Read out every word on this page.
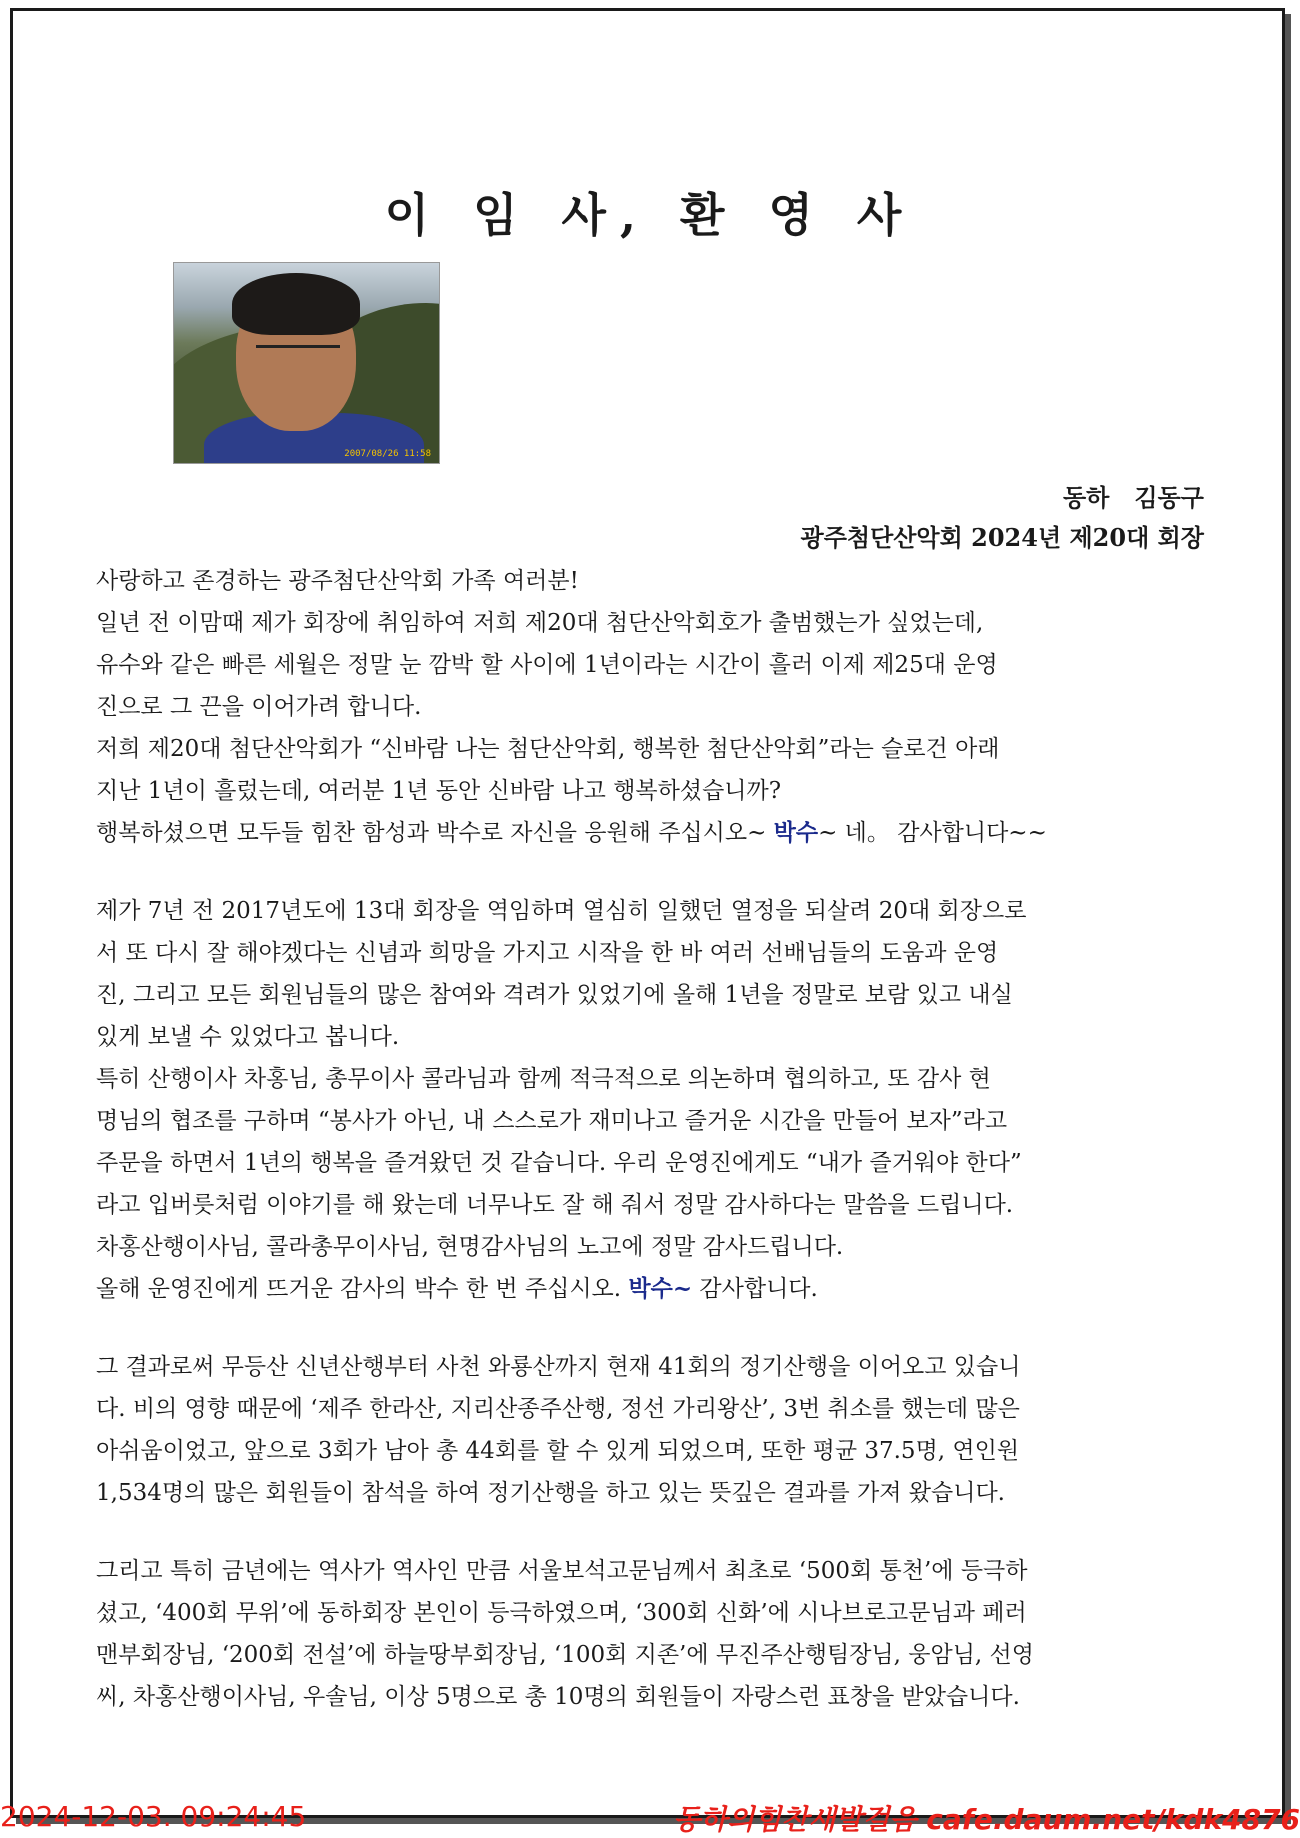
이 임 사, 환 영 사
2007/08/26 11:58
동하   김동구
광주첨단산악회 2024년 제20대 회장

사랑하고 존경하는 광주첨단산악회 가족 여러분!

일년 전 이맘때 제가 회장에 취임하여 저희 제20대 첨단산악회호가 출범했는가 싶었는데,

유수와 같은 빠른 세월은 정말 눈 깜박 할 사이에 1년이라는 시간이 흘러 이제 제25대 운영

진으로 그 끈을 이어가려 합니다.

저희 제20대 첨단산악회가 “신바람 나는 첨단산악회, 행복한 첨단산악회”라는 슬로건 아래

지난 1년이 흘렀는데, 여러분 1년 동안 신바람 나고 행복하셨습니까?

행복하셨으면 모두들 힘찬 함성과 박수로 자신을 응원해 주십시오~ 박수~ 네。 감사합니다~~

제가 7년 전 2017년도에 13대 회장을 역임하며 열심히 일했던 열정을 되살려 20대 회장으로

서 또 다시 잘 해야겠다는 신념과 희망을 가지고 시작을 한 바 여러 선배님들의 도움과 운영

진, 그리고 모든 회원님들의 많은 참여와 격려가 있었기에 올해 1년을 정말로 보람 있고 내실

있게 보낼 수 있었다고 봅니다.

특히 산행이사 차홍님, 총무이사 콜라님과 함께 적극적으로 의논하며 협의하고, 또 감사 현

명님의 협조를 구하며 “봉사가 아닌, 내 스스로가 재미나고 즐거운 시간을 만들어 보자”라고

주문을 하면서 1년의 행복을 즐겨왔던 것 같습니다. 우리 운영진에게도 “내가 즐거워야 한다”

라고 입버릇처럼 이야기를 해 왔는데 너무나도 잘 해 줘서 정말 감사하다는 말씀을 드립니다.

차홍산행이사님, 콜라총무이사님, 현명감사님의 노고에 정말 감사드립니다.

올해 운영진에게 뜨거운 감사의 박수 한 번 주십시오. 박수~ 감사합니다.

그 결과로써 무등산 신년산행부터 사천 와룡산까지 현재 41회의 정기산행을 이어오고 있습니

다. 비의 영향 때문에 ‘제주 한라산, 지리산종주산행, 정선 가리왕산’, 3번 취소를 했는데 많은

아쉬움이었고, 앞으로 3회가 남아 총 44회를 할 수 있게 되었으며, 또한 평균 37.5명, 연인원

1,534명의 많은 회원들이 참석을 하여 정기산행을 하고 있는 뜻깊은 결과를 가져 왔습니다.

그리고 특히 금년에는 역사가 역사인 만큼 서울보석고문님께서 최초로 ‘500회 통천’에 등극하

셨고, ‘400회 무위’에 동하회장 본인이 등극하였으며, ‘300회 신화’에 시나브로고문님과 페러

맨부회장님, ‘200회 전설’에 하늘땅부회장님, ‘100회 지존’에 무진주산행팀장님, 웅암님, 선영

씨, 차홍산행이사님, 우솔님, 이상 5명으로 총 10명의 회원들이 자랑스런 표창을 받았습니다.

2024-12-03. 09:24:45	동하의힘찬새발걸음 cafe.daum.net/kdk4876
